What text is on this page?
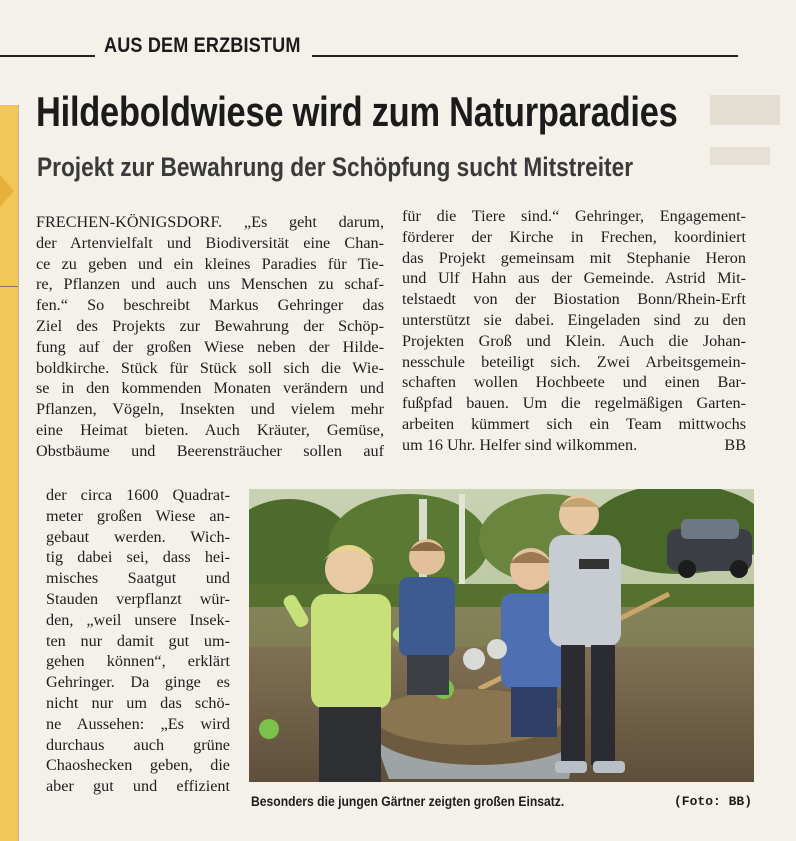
AUS DEM ERZBISTUM
Hildeboldwiese wird zum Naturparadies
Projekt zur Bewahrung der Schöpfung sucht Mitstreiter
FRECHEN-KÖNIGSDORF. „Es geht darum,
der Artenvielfalt und Biodiversität eine Chan-
ce zu geben und ein kleines Paradies für Tie-
re, Pflanzen und auch uns Menschen zu schaf-
fen.“ So beschreibt Markus Gehringer das
Ziel des Projekts zur Bewahrung der Schöp-
fung auf der großen Wiese neben der Hilde-
boldkirche. Stück für Stück soll sich die Wie-
se in den kommenden Monaten verändern und
Pflanzen, Vögeln, Insekten und vielem mehr
eine Heimat bieten. Auch Kräuter, Gemüse,
Obstbäume und Beerensträucher sollen auf
für die Tiere sind.“ Gehringer, Engagement-
förderer der Kirche in Frechen, koordiniert
das Projekt gemeinsam mit Stephanie Heron
und Ulf Hahn aus der Gemeinde. Astrid Mit-
telstaedt von der Biostation Bonn/Rhein-Erft
unterstützt sie dabei. Eingeladen sind zu den
Projekten Groß und Klein. Auch die Johan-
nesschule beteiligt sich. Zwei Arbeitsgemein-
schaften wollen Hochbeete und einen Bar-
fußpfad bauen. Um die regelmäßigen Garten-
arbeiten kümmert sich ein Team mittwochs
um 16 Uhr. Helfer sind wilkommen.	BB
der circa 1600 Quadrat-
meter großen Wiese an-
gebaut werden. Wich-
tig dabei sei, dass hei-
misches Saatgut und
Stauden verpflanzt wür-
den, „weil unsere Insek-
ten nur damit gut um-
gehen können“, erklärt
Gehringer. Da ginge es
nicht nur um das schö-
ne Aussehen: „Es wird
durchaus auch grüne
Chaoshecken geben, die
aber gut und effizient
Besonders die jungen Gärtner zeigten großen Einsatz.	(Foto: BB)
